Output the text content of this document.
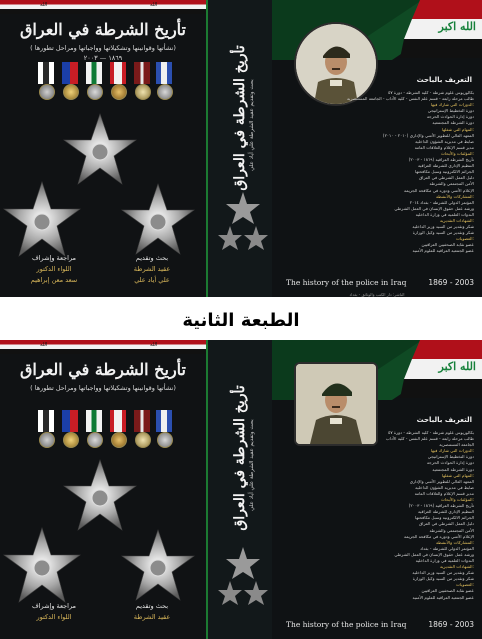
الله	الله
تأريخ الشرطة في العراق
( نشأتها وقوانينها وتشكيلاتها وواجباتها ومراحل تطورها)
١٨٦٩ — ٢٠٠٣
مراجعة وإشراف
اللواء الدكتور
سعد معن إبراهيم
بحث وتقديم
عقيد الشرطة
علي أياد علي
تأريخ الشرطة في العراق بحث وتقديم عقيد الشرطة علي أياد علي
الله اكبر
التعريف بالباحث
بكالوريوس علوم شرطة - كلية الشرطة - دورة ٥٧
طالب مرحلة رابعة - قسم علم النفس - كلية الآداب - الجامعة المستنصرية
الدورات التي شارك فيها:
دورة التخطيط الإستراتيجي
دورة إدارة الحوادث الحرجة
دورة الشرطة المجتمعية
المهام التي شغلها:
المعهد العالي للتطوير الأمني والإداري (٢٠١٠ - ٢٠١٠)
ضابط في مديرية الشؤون الداخلية
مدير قسم الإعلام والعلاقات العامة
المؤلفات والأبحاث:
تأريخ الشرطة العراقية (١٨٦٩ - ٢٠٠٣)
التنظيم الإداري للشرطة العراقية
الجرائم الالكترونية وسبل مكافحتها
دليل العمل الشرطي في العراق
الأمن المجتمعي والشرطة
الإعلام الأمني ودوره في مكافحة الجريمة
المشاركات والأنشطة:
المؤتمر الدولي للشرطة - بغداد ٢٠١٤
ورشة عمل حقوق الإنسان في العمل الشرطي
الندوات العلمية في وزارة الداخلية
الشهادات التقديرية:
شكر وتقدير من السيد وزير الداخلية
شكر وتقدير من السيد وكيل الوزارة
العضويات:
عضو نقابة الصحفيين العراقيين
عضو الجمعية العراقية للعلوم الأمنية
The history of the police in Iraq	1869 - 2003
الناشر: دار الكتب والوثائق - بغداد
الطبعة الثانية
الله	الله
تأريخ الشرطة في العراق
( نشأتها وقوانينها وتشكيلاتها وواجباتها ومراحل تطورها)
مراجعة وإشراف
اللواء الدكتور
بحث وتقديم
عقيد الشرطة
تأريخ الشرطة في العراق بحث وتقديم عقيد الشرطة علي أياد علي
الله اكبر
التعريف بالباحث
بكالوريوس علوم شرطة - كلية الشرطة - دورة ٥٧
طالب مرحلة رابعة - قسم علم النفس - كلية الآداب
الجامعة المستنصرية
الدورات التي شارك فيها:
دورة التخطيط الإستراتيجي
دورة إدارة الحوادث الحرجة
دورة الشرطة المجتمعية
المهام التي شغلها:
المعهد العالي للتطوير الأمني والإداري
ضابط في مديرية الشؤون الداخلية
مدير قسم الإعلام والعلاقات العامة
المؤلفات والأبحاث:
تأريخ الشرطة العراقية (١٨٦٩ - ٢٠٠٣)
التنظيم الإداري للشرطة العراقية
الجرائم الالكترونية وسبل مكافحتها
دليل العمل الشرطي في العراق
الأمن المجتمعي والشرطة
الإعلام الأمني ودوره في مكافحة الجريمة
المشاركات والأنشطة:
المؤتمر الدولي للشرطة - بغداد
ورشة عمل حقوق الإنسان في العمل الشرطي
الندوات العلمية في وزارة الداخلية
الشهادات التقديرية:
شكر وتقدير من السيد وزير الداخلية
شكر وتقدير من السيد وكيل الوزارة
العضويات:
عضو نقابة الصحفيين العراقيين
عضو الجمعية العراقية للعلوم الأمنية
The history of the police in Iraq	1869 - 2003
